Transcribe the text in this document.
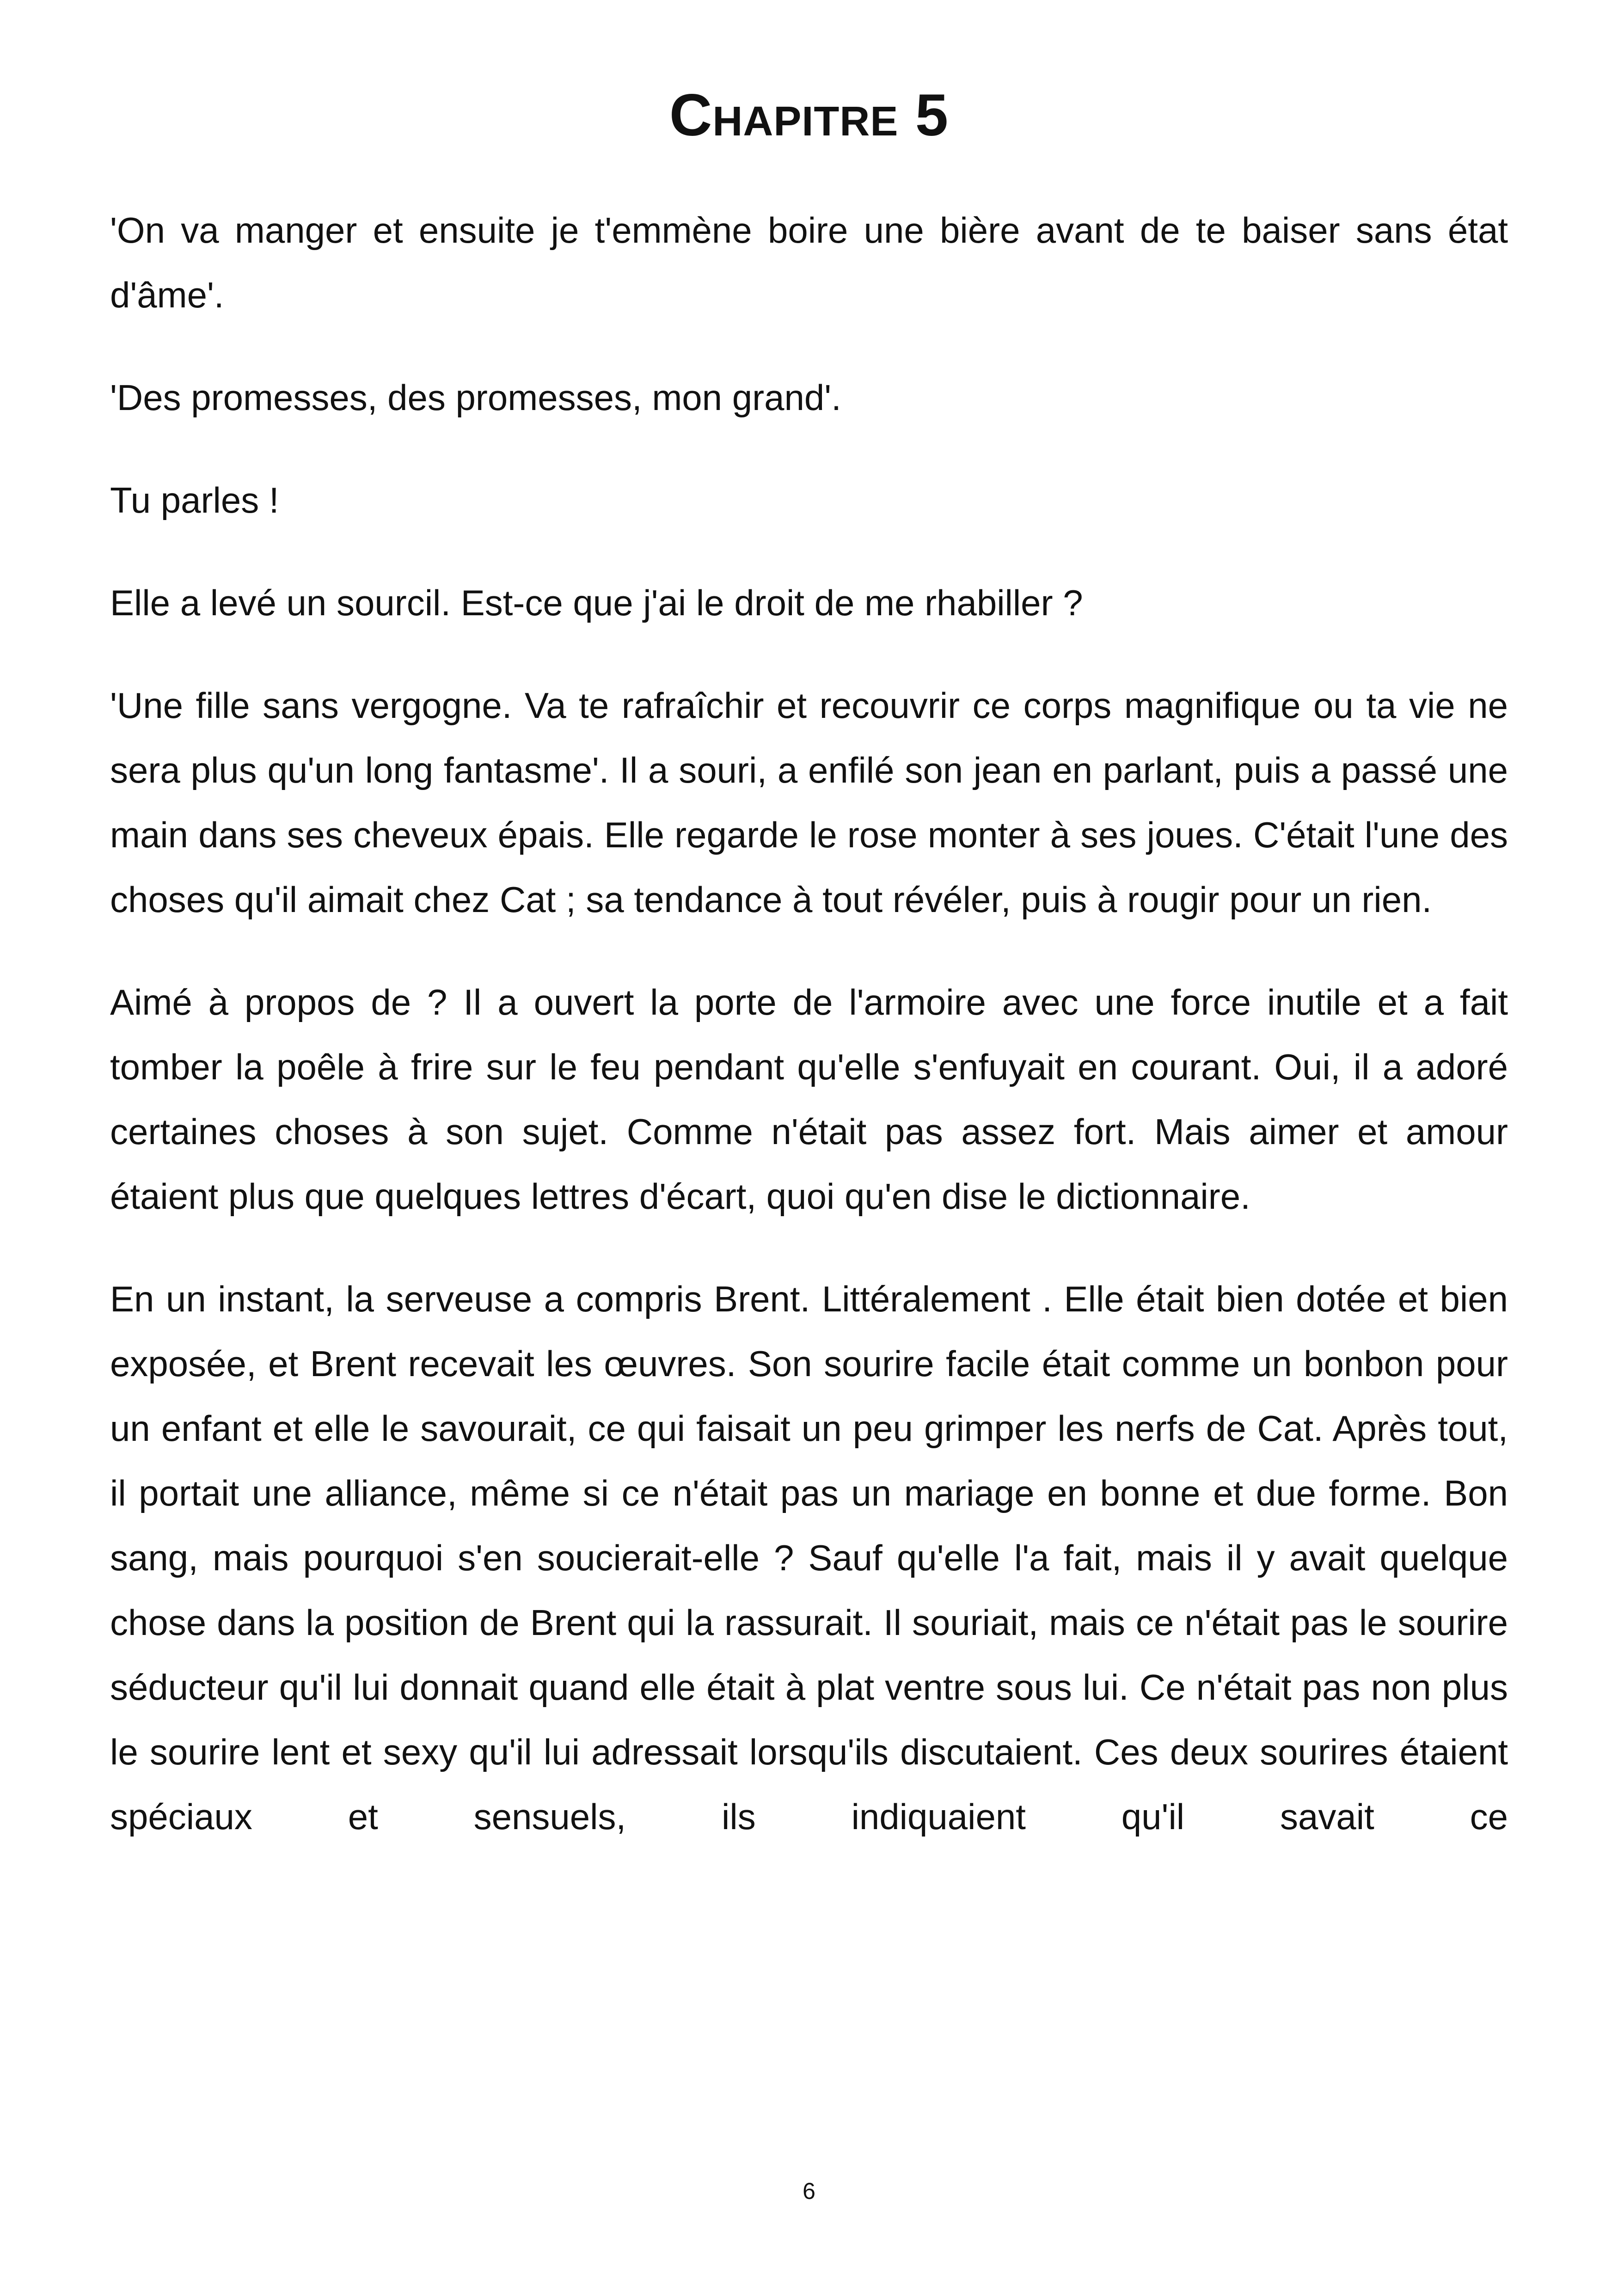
Chapitre 5

'On va manger et ensuite je t'emmène boire une bière avant de te baiser sans état d'âme'.

'Des promesses, des promesses, mon grand'.

Tu parles !

Elle a levé un sourcil. Est-ce que j'ai le droit de me rhabiller ?

'Une fille sans vergogne. Va te rafraîchir et recouvrir ce corps magnifique ou ta vie ne sera plus qu'un long fantasme'. Il a souri, a enfilé son jean en parlant, puis a passé une main dans ses cheveux épais. Elle regarde le rose monter à ses joues. C'était l'une des choses qu'il aimait chez Cat ; sa tendance à tout révéler, puis à rougir pour un rien.

Aimé à propos de ? Il a ouvert la porte de l'armoire avec une force inutile et a fait tomber la poêle à frire sur le feu pendant qu'elle s'enfuyait en courant. Oui, il a adoré certaines choses à son sujet. Comme n'était pas assez fort. Mais aimer et amour étaient plus que quelques lettres d'écart, quoi qu'en dise le dictionnaire.

En un instant, la serveuse a compris Brent. Littéralement . Elle était bien dotée et bien exposée, et Brent recevait les œuvres. Son sourire facile était comme un bonbon pour un enfant et elle le savourait, ce qui faisait un peu grimper les nerfs de Cat. Après tout, il portait une alliance, même si ce n'était pas un mariage en bonne et due forme. Bon sang, mais pourquoi s'en soucierait-elle ? Sauf qu'elle l'a fait, mais il y avait quelque chose dans la position de Brent qui la rassurait. Il souriait, mais ce n'était pas le sourire séducteur qu'il lui donnait quand elle était à plat ventre sous lui. Ce n'était pas non plus le sourire lent et sexy qu'il lui adressait lorsqu'ils discutaient. Ces deux sourires étaient spéciaux et sensuels, ils indiquaient qu'il savait ce

6
